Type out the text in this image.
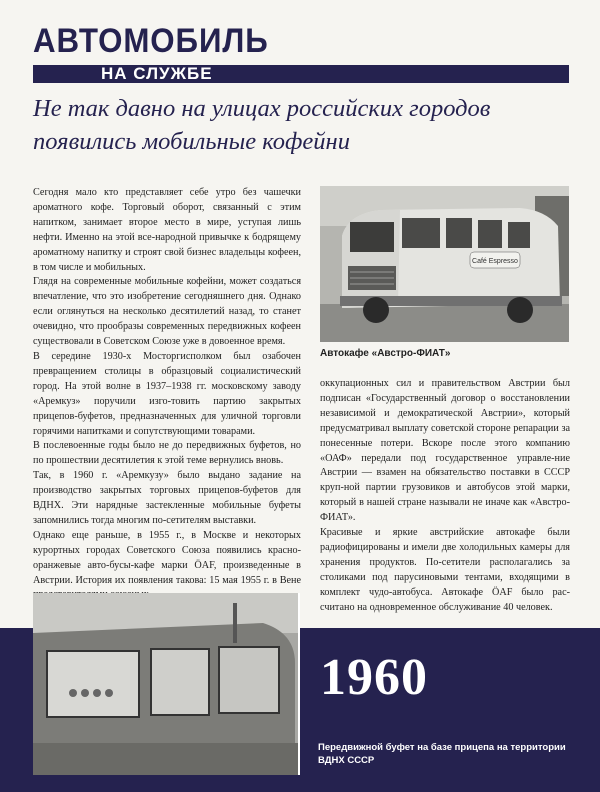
АВТОМОБИЛЬ
НА СЛУЖБЕ
Не так давно на улицах российских городов появились мобильные кофейни

Сегодня мало кто представляет себе утро без чашечки ароматного кофе. Торговый оборот, связанный с этим напитком, занимает второе место в мире, уступая лишь нефти. Именно на этой все-народной привычке к бодрящему ароматному напитку и строят свой бизнес владельцы кофеен, в том числе и мобильных.

Глядя на современные мобильные кофейни, может создаться впечатление, что это изобретение сегодняшнего дня. Однако если оглянуться на несколько десятилетий назад, то станет очевидно, что прообразы современных передвижных кофеен существовали в Советском Союзе уже в довоенное время.

В середине 1930-х Мосторгисполком был озабочен превращением столицы в образцовый социалистический город. На этой волне в 1937–1938 гг. московскому заводу «Аремкуз» поручили изго-товить партию закрытых прицепов-буфетов, предназначенных для уличной торговли горячими напитками и сопутствующими товарами.

В послевоенные годы было не до передвижных буфетов, но по прошествии десятилетия к этой теме вернулись вновь.

Так, в 1960 г. «Аремкузу» было выдано задание на производство закрытых торговых прицепов-буфетов для ВДНХ. Эти нарядные застекленные мобильные буфеты запомнились тогда многим по-сетителям выставки.

Однако еще раньше, в 1955 г., в Москве и некоторых курортных городах Советского Союза появились красно-оранжевые авто-бусы-кафе марки ÖAF, произведенные в Австрии. История их появления такова: 15 мая 1955 г. в Вене

Café Espresso
Автокафе «Австро-ФИАТ»

оккупационных сил и правительством Австрии был подписан «Государственный договор о восстановлении независимой и демократической Австрии», который предусматривал выплату советской стороне репарации за понесенные потери. Вскоре после этого компанию «ОАФ» передали под государственное управле-ние Австрии — взамен на обязательство поставки в СССР круп-ной партии грузовиков и автобусов этой марки, который в нашей стране называли не иначе как «Австро-ФИАТ».

Красивые и яркие австрийские автокафе были радиофицированы и имели две холодильных камеры для хранения продуктов. По-сетители располагались за столиками под парусиновыми тентами, входящими в комплект чудо-автобуса. Автокафе ÖAF было рас-считано на одновременное обслуживание 40 человек.

1960
Передвижной буфет на базе прицепа на территории ВДНХ СССР
